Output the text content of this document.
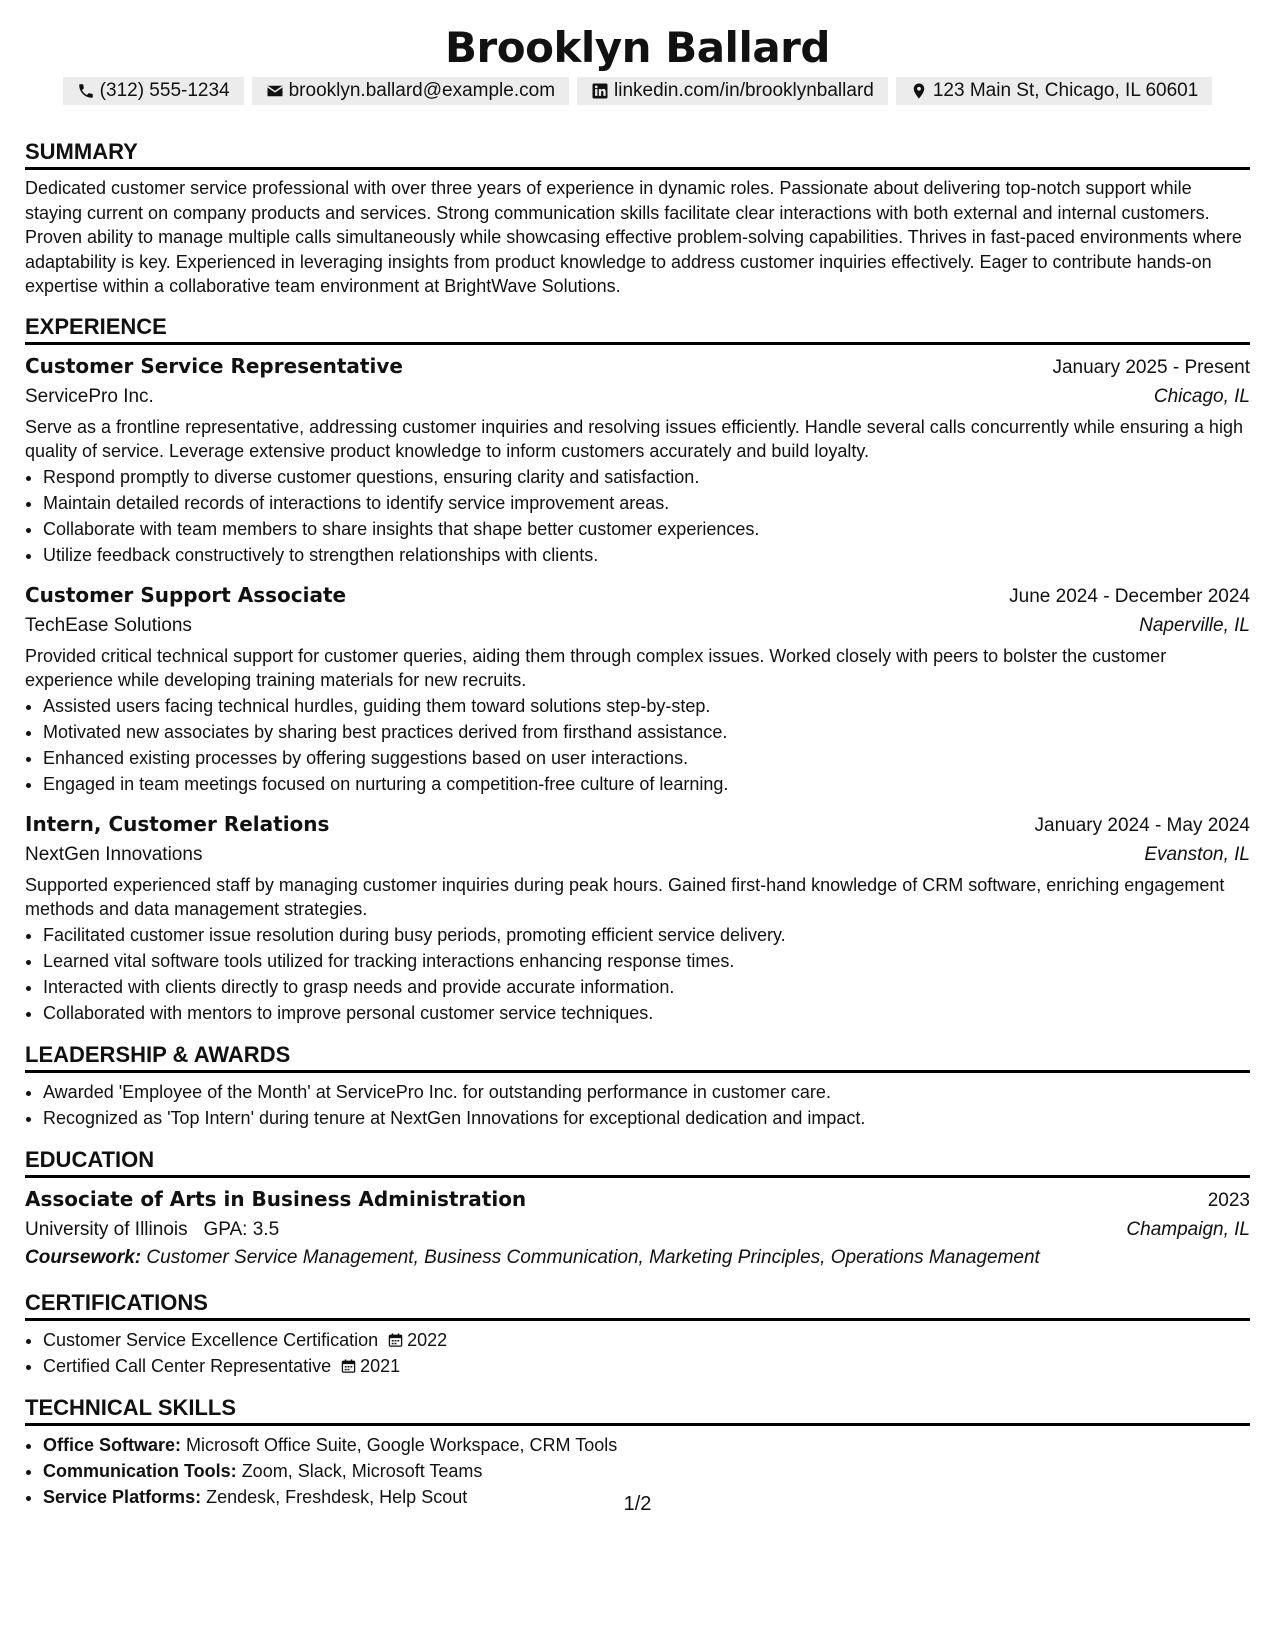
Brooklyn Ballard
(312) 555-1234	brooklyn.ballard@example.com	linkedin.com/in/brooklynballard	123 Main St, Chicago, IL 60601
SUMMARY

Dedicated customer service professional with over three years of experience in dynamic roles. Passionate about delivering top-notch support while staying current on company products and services. Strong communication skills facilitate clear interactions with both external and internal customers. Proven ability to manage multiple calls simultaneously while showcasing effective problem-solving capabilities. Thrives in fast-paced environments where adaptability is key. Experienced in leveraging insights from product knowledge to address customer inquiries effectively. Eager to contribute hands-on expertise within a collaborative team environment at BrightWave Solutions.

EXPERIENCE
Customer Service Representative	January 2025 - Present
ServicePro Inc.	Chicago, IL

Serve as a frontline representative, addressing customer inquiries and resolving issues efficiently. Handle several calls concurrently while ensuring a high quality of service. Leverage extensive product knowledge to inform customers accurately and build loyalty.

• Respond promptly to diverse customer questions, ensuring clarity and satisfaction.
• Maintain detailed records of interactions to identify service improvement areas.
• Collaborate with team members to share insights that shape better customer experiences.
• Utilize feedback constructively to strengthen relationships with clients.
Customer Support Associate	June 2024 - December 2024
TechEase Solutions	Naperville, IL

Provided critical technical support for customer queries, aiding them through complex issues. Worked closely with peers to bolster the customer experience while developing training materials for new recruits.

• Assisted users facing technical hurdles, guiding them toward solutions step-by-step.
• Motivated new associates by sharing best practices derived from firsthand assistance.
• Enhanced existing processes by offering suggestions based on user interactions.
• Engaged in team meetings focused on nurturing a competition-free culture of learning.
Intern, Customer Relations	January 2024 - May 2024
NextGen Innovations	Evanston, IL

Supported experienced staff by managing customer inquiries during peak hours. Gained first-hand knowledge of CRM software, enriching engagement methods and data management strategies.

• Facilitated customer issue resolution during busy periods, promoting efficient service delivery.
• Learned vital software tools utilized for tracking interactions enhancing response times.
• Interacted with clients directly to grasp needs and provide accurate information.
• Collaborated with mentors to improve personal customer service techniques.
LEADERSHIP & AWARDS
• Awarded 'Employee of the Month' at ServicePro Inc. for outstanding performance in customer care.
• Recognized as 'Top Intern' during tenure at NextGen Innovations for exceptional dedication and impact.
EDUCATION
Associate of Arts in Business Administration	2023
University of Illinois GPA: 3.5	Champaign, IL
Coursework: Customer Service Management, Business Communication, Marketing Principles, Operations Management
CERTIFICATIONS
• Customer Service Excellence Certification 2022
• Certified Call Center Representative 2021
TECHNICAL SKILLS
• Office Software: Microsoft Office Suite, Google Workspace, CRM Tools
• Communication Tools: Zoom, Slack, Microsoft Teams
• Service Platforms: Zendesk, Freshdesk, Help Scout	1/2
